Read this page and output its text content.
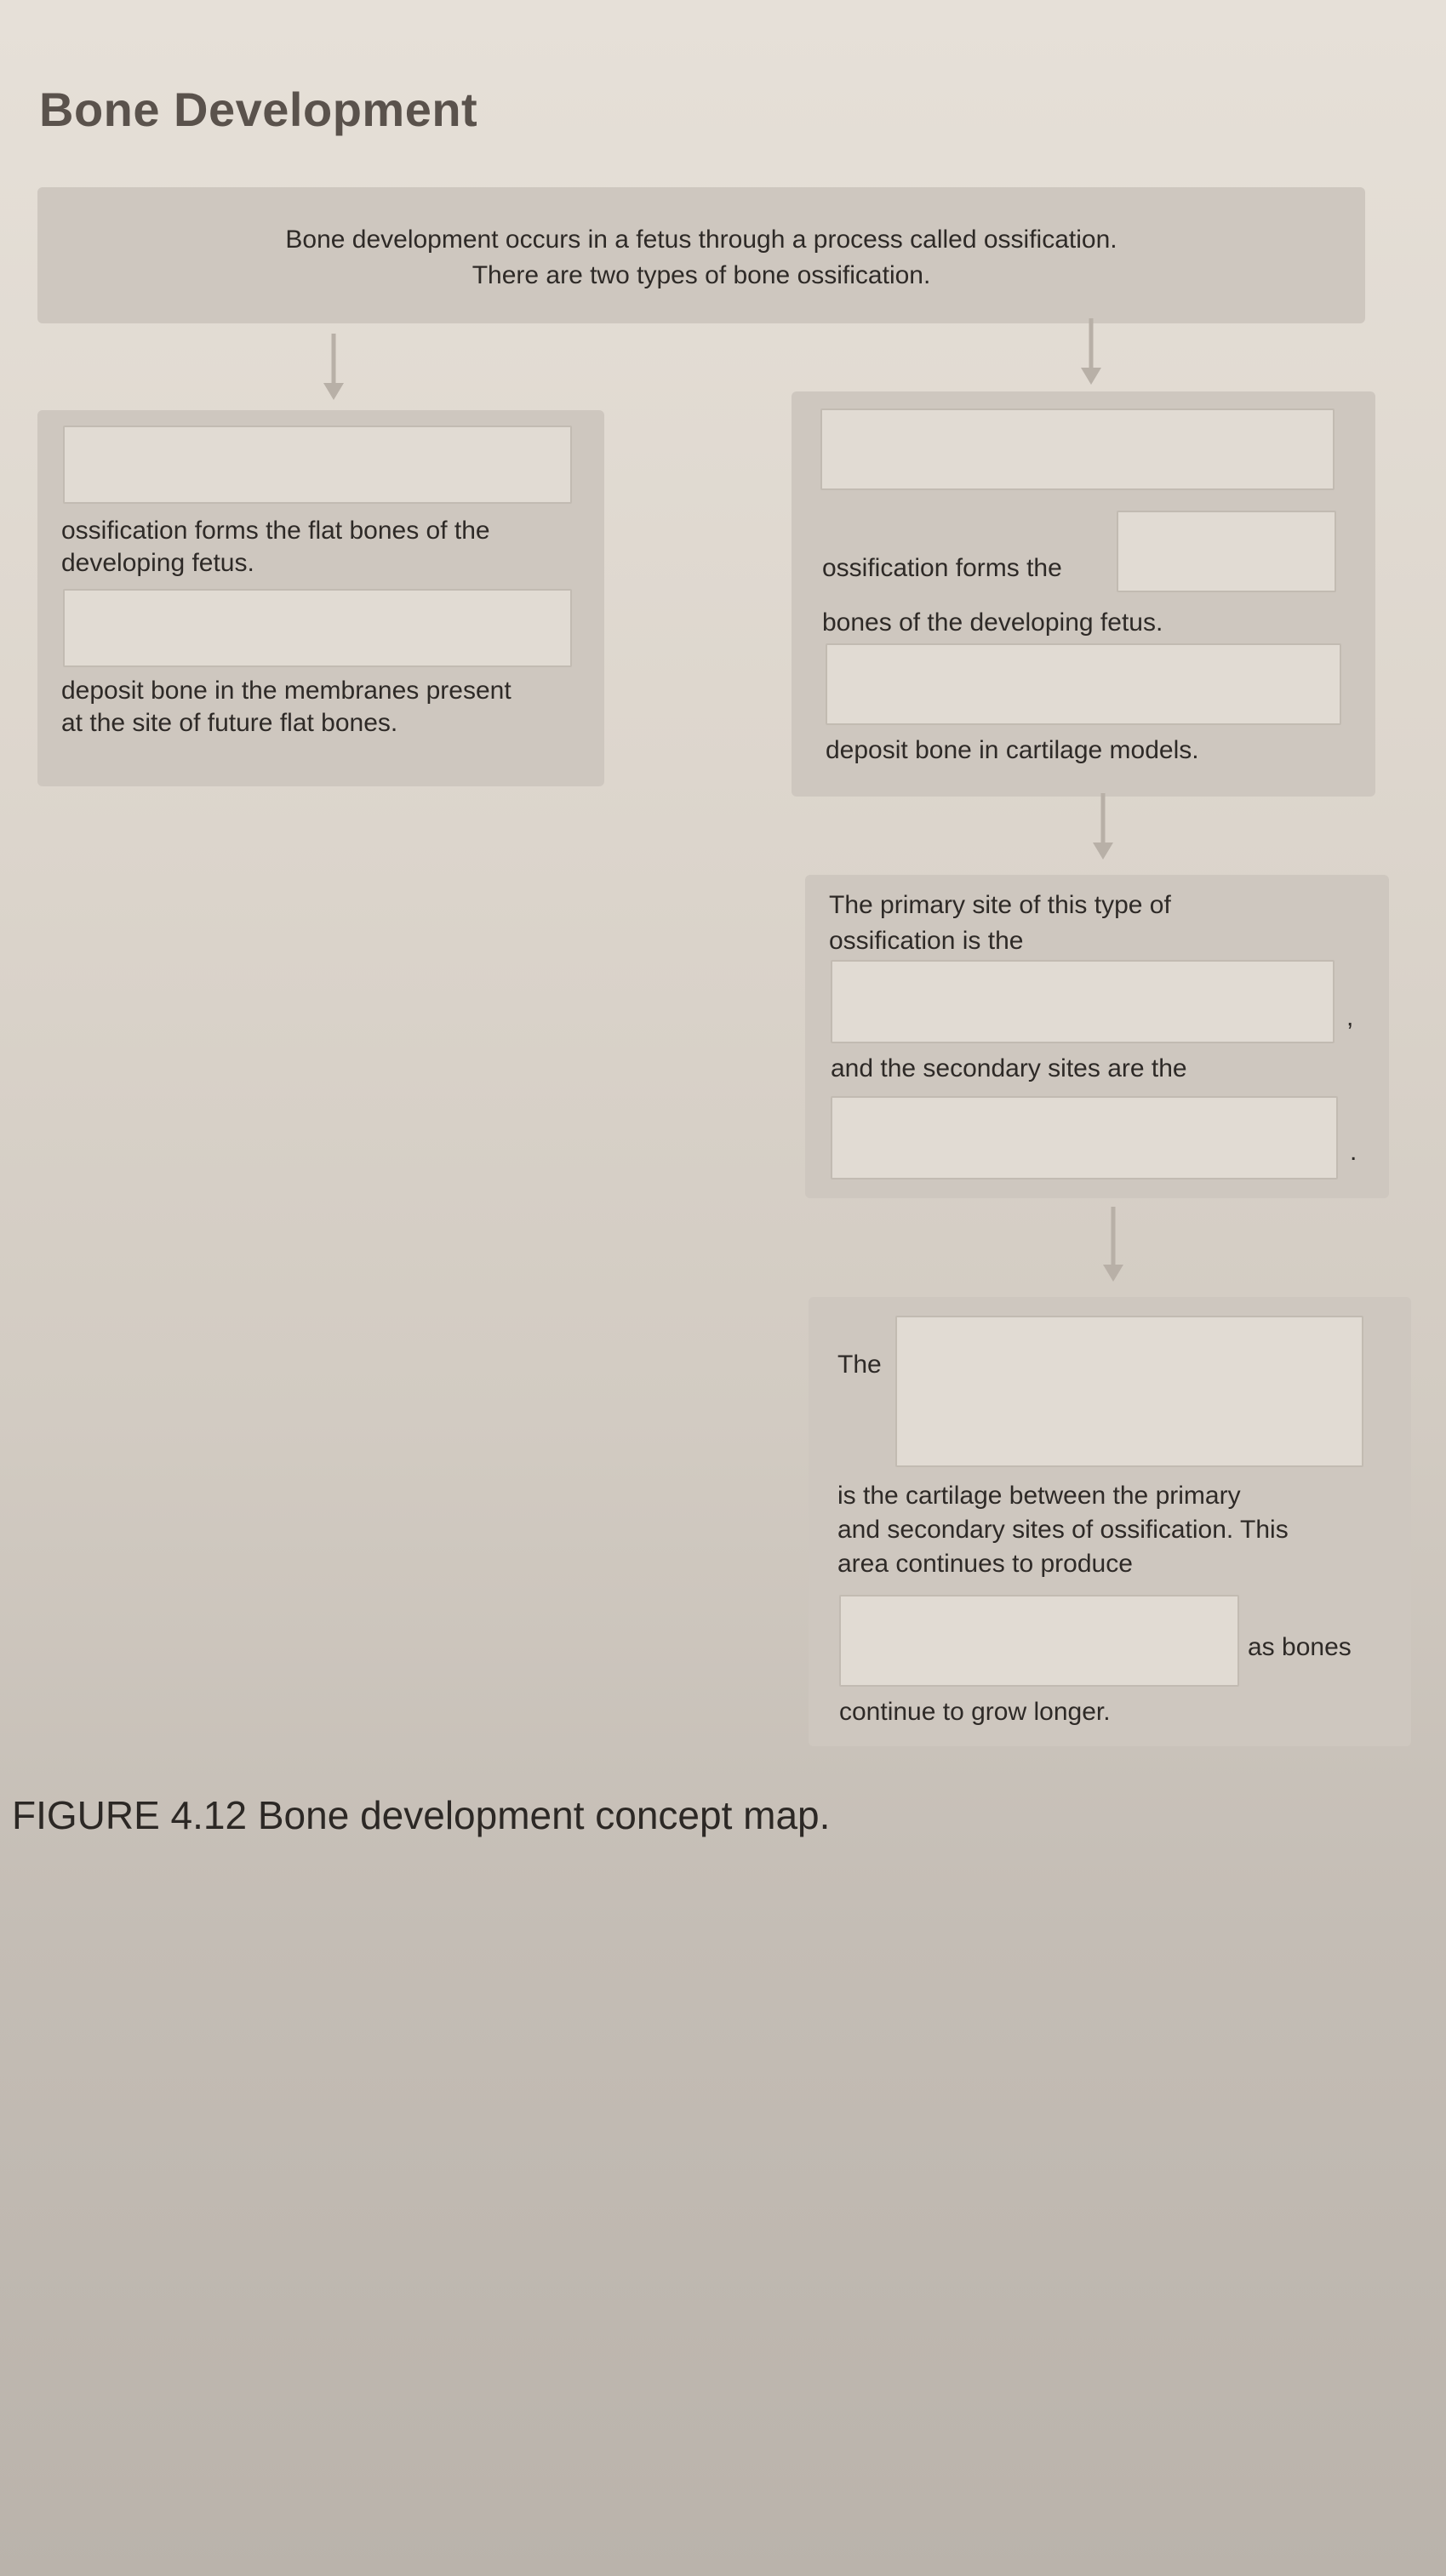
Bone Development
Bone development occurs in a fetus through a process called ossification.
There are two types of bone ossification.
ossification forms the flat bones of the
developing fetus.
deposit bone in the membranes present
at the site of future flat bones.
ossification forms the
bones of the developing fetus.
deposit bone in cartilage models.
The primary site of this type of
ossification is the
,
and the secondary sites are the
.
The
is the cartilage between the primary
and secondary sites of ossification. This
area continues to produce
as bones
continue to grow longer.
FIGURE 4.12 Bone development concept map.
